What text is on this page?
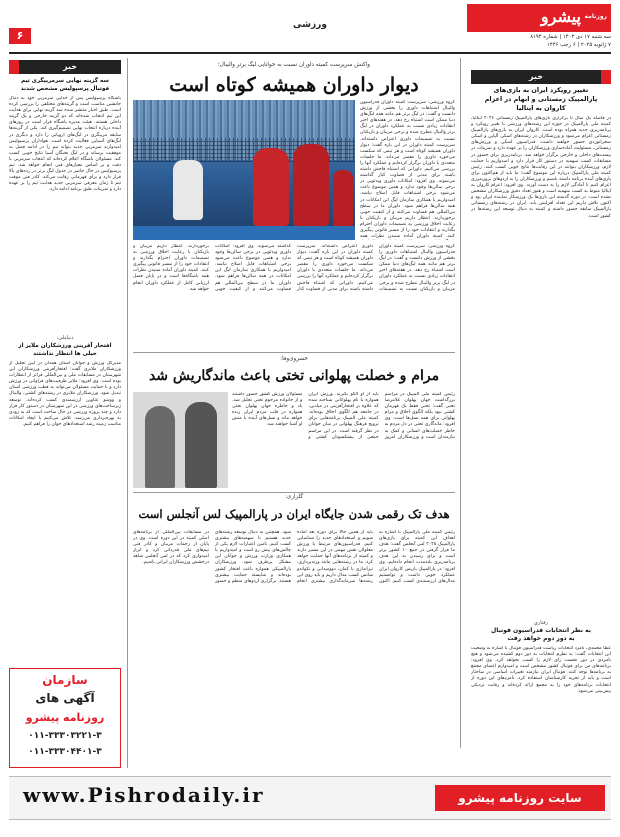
روزنامه
پیشرو
سه شنبه ۱۷ دی ۱۴۰۳ | شماره ۸۱۹۴
۷ ژانویه ۲۰۲۵ | ۶ رجب ۱۴۴۶
ورزشی
۶
خبر
تغییر رویکرد ایران به بازی‌های
پارالمپیک زمستانی و ابهام در اعزام
کاروان به ایتالیا

در فاصله یک سال تا برگزاری بازی‌های پارالمپیک زمستانی ۲۰۲۶ ایتالیا، کمیته ملی پارالمپیک در حوزه این رشته‌های ورزشی با تغییر رویکرد و برنامه‌ریزی جدید همراه بوده است. کاروان ایران به بازی‌های پارالمپیک زمستانی اعزام می‌شود و ورزشکاران در رشته‌های اسکی آلپاین و اسکی صحرانوردی حضور خواهند داشت. فدراسیون اسکی و ورزش‌های زمستانی، مسئولیت آماده‌سازی ورزشکاران را بر عهده دارد و تمرینات در پیست‌های داخلی و خارجی برگزار خواهد شد. برنامه‌ریزی برای حضور در مسابقات کسب سهمیه در دستور کار قرار دارد و امیدواریم با حمایت لازم، ورزشکاران بتوانند در این رقابت‌ها نتایج خوبی کسب کنند. رئیس کمیته ملی پارالمپیک درباره این موضوع گفت: ما باید از هم‌اکنون برای بازی‌های آینده برنامه داشته باشیم و ورزشکاران را به اردوهای برون‌مرزی اعزام کنیم تا آمادگی لازم را به دست آورند. وی افزود: اعزام کاروان به ایتالیا منوط به کسب سهمیه است و هنوز تعداد دقیق ورزشکاران مشخص نشده است. در دوره گذشته این بازی‌ها یک ورزشکار نماینده ایران بود و اکنون تلاش داریم این تعداد افزایش یابد. ایران در رشته‌های زمستانی پارالمپیک سابقه حضور داشته و کمیته به دنبال توسعه این رشته‌ها در کشور است.

رفتاري
به نظر انتخابات فدراسیون فوتبال
به دور دوم خواهد رفت

عطا محمدی، نامزد انتخابات ریاست فدراسیون فوتبال با اشاره به وضعیت این انتخابات گفت: به نظرم انتخابات به دور دوم کشیده می‌شود و هیچ نامزدی در دور نخست رای لازم را کسب نخواهد کرد. وی افزود: برنامه‌های من برای فوتبال کشور مشخص است و امیدوارم اعضای مجمع به برنامه‌ها توجه کنند. فوتبال ایران نیازمند تغییرات اساسی در ساختار است و باید از تجربه کارشناسان استفاده کرد. نامزدهای این دوره از انتخابات برنامه‌های خود را به مجمع ارائه کرده‌اند و رقابت نزدیکی پیش‌بینی می‌شود.

خبر
سه گزینه نهایی سرمربیگری تیم
فوتبال پرسپولیس مشخص شدند

باشگاه پرسپولیس پس از جدایی سرمربی خود به دنبال جانشین مناسب است و گزینه‌های مختلفی را بررسی کرده است. طبق اخبار منتشر شده سه گزینه نهایی برای هدایت این تیم انتخاب شده‌اند که دو گزینه خارجی و یک گزینه داخلی هستند. هیئت مدیره باشگاه قرار است در روزهای آینده درباره انتخاب نهایی تصمیم‌گیری کند. یکی از گزینه‌ها سابقه مربیگری در لیگ‌های اروپایی را دارد و دیگری در لیگ‌های آسیایی فعالیت کرده است. هواداران پرسپولیس امیدوارند سرمربی جدید بتواند تیم را در ادامه فصل به موفقیت برساند و در لیگ نخبگان آسیا نتایج خوبی کسب کند. مسئولان باشگاه اعلام کرده‌اند که انتخاب سرمربی با دقت و بر اساس معیارهای فنی انجام خواهد شد. تیم پرسپولیس در حال حاضر در جدول لیگ برتر در رده‌های بالا قرار دارد و برای قهرمانی رقابت می‌کند. کادر فنی موقت تیم تا زمان معرفی سرمربی جدید هدایت تیم را بر عهده دارد و تمرینات طبق برنامه ادامه دارد.

دنیاملی:
افتخار آفرینی ورزشکاران ملایر از
خیلی ها انتظار نداشتند

مدیرکل ورزش و جوانان استان همدان در آیین تجلیل از ورزشکاران ملایری گفت: افتخارآفرینی ورزشکاران این شهرستان در مسابقات ملی و بین‌المللی فراتر از انتظارات بوده است. وی افزود: ملایر ظرفیت‌های فراوانی در ورزش دارد و با حمایت مسئولان می‌تواند به قطب ورزشی استان تبدیل شود. ورزشکاران ملایری در رشته‌های کشتی، والیبال و ووشو عناوین ارزشمندی کسب کرده‌اند. توسعه زیرساخت‌های ورزشی در این شهرستان در دستور کار قرار دارد و چند پروژه ورزشی در حال ساخت است که به زودی به بهره‌برداری می‌رسد. تلاش می‌کنیم با ایجاد امکانات مناسب زمینه رشد استعدادهای جوان را فراهم کنیم.

سازمان
آگهی های
روزنامه پیشرو
۰۱۱-۳۳۳۰۳۲۲۱-۳
۰۱۱-۳۳۳۰۴۴۰۱-۳
واکنش سرپرست کمیته داوران نسبت به خوانایی لیگ برتر والیبال؛
دیوار داوران همیشه کوتاه است

گروه ورزشی: سرپرست کمیته داوران فدراسیون والیبال اشتباهات داوری را بخشی از ورزش دانست و گفت: در لیگ برتر هم مانند همه لیگ‌های دنیا ممکن است اشتباه رخ دهد. در هفته‌های اخیر انتقادات زیادی نسبت به عملکرد داوران در لیگ برتر والیبال مطرح شده و برخی مربیان و بازیکنان نسبت به تصمیمات داوری اعتراض داشته‌اند. سرپرست کمیته داوران در این باره گفت: دیوار داوران همیشه کوتاه است و هر تیمی که شکست می‌خورد داوری را مقصر می‌داند. ما جلسات متعددی با داوران برگزار کرده‌ایم و عملکرد آنها را بررسی می‌کنیم. داورانی که اشتباه فاحش داشته باشند برای مدتی از قضاوت کنار گذاشته می‌شوند. وی افزود: امکانات داوری ویدئویی در برخی سالن‌ها وجود ندارد و همین موضوع باعث می‌شود برخی اشتباهات قابل اصلاح نباشد. امیدواریم با همکاری سازمان لیگ این امکانات در همه سالن‌ها فراهم شود. داوران ما در سطح بین‌المللی هم قضاوت می‌کنند و از کیفیت خوبی برخوردارند. انتظار داریم مربیان و بازیکنان با رعایت اخلاق ورزشی به تصمیمات داوران احترام بگذارند و انتقادات خود را از مسیر قانونی پیگیری کنند. کمیته داوران آماده شنیدن نظرات همه

گروه ورزشی: سرپرست کمیته داوران فدراسیون والیبال اشتباهات داوری را بخشی از ورزش دانست و گفت: در لیگ برتر هم مانند همه لیگ‌های دنیا ممکن است اشتباه رخ دهد. در هفته‌های اخیر انتقادات زیادی نسبت به عملکرد داوران در لیگ برتر والیبال مطرح شده و برخی مربیان و بازیکنان نسبت به تصمیمات داوری اعتراض داشته‌اند. سرپرست کمیته داوران در این باره گفت: دیوار داوران همیشه کوتاه است و هر تیمی که شکست می‌خورد داوری را مقصر می‌داند. ما جلسات متعددی با داوران برگزار کرده‌ایم و عملکرد آنها را بررسی می‌کنیم. داورانی که اشتباه فاحش داشته باشند برای مدتی از قضاوت کنار گذاشته می‌شوند. وی افزود: امکانات داوری ویدئویی در برخی سالن‌ها وجود ندارد و همین موضوع باعث می‌شود برخی اشتباهات قابل اصلاح نباشد. امیدواریم با همکاری سازمان لیگ این امکانات در همه سالن‌ها فراهم شود. داوران ما در سطح بین‌المللی هم قضاوت می‌کنند و از کیفیت خوبی برخوردارند. انتظار داریم مربیان و بازیکنان با رعایت اخلاق ورزشی به تصمیمات داوران احترام بگذارند و انتقادات خود را از مسیر قانونی پیگیری کنند. کمیته داوران آماده شنیدن نظرات همه باشگاه‌ها است و در پایان فصل ارزیابی کامل از عملکرد داوران انجام خواهد شد.

خسروی‌وفا:
مرام و خصلت پهلوانی تختی باعث ماندگاریش شد

رئیس کمیته ملی المپیک در مراسم بزرگداشت جهان پهلوان غلامرضا تختی گفت: تختی فقط یک قهرمان کشتی نبود بلکه الگوی اخلاق و مرام پهلوانی برای همه نسل‌ها است. وی افزود: ماندگاری تختی در دل مردم به خاطر خصلت‌های انسانی و کمک به نیازمندان است و ورزشکاران امروز باید از او الگو بگیرند. ورزش ایران همواره با نام پهلوانانی شناخته شده که علاوه بر افتخارآفرینی در میادین، در جامعه هم الگوی اخلاق بوده‌اند. کمیته ملی المپیک برنامه‌هایی برای ترویج فرهنگ پهلوانی در میان جوانان در نظر گرفته است. در این مراسم جمعی از پیشکسوتان کشتی و مسئولان ورزش کشور حضور داشتند و از خانواده مرحوم تختی تجلیل شد. یاد و خاطره جهان پهلوان تختی همواره در قلب مردم ایران زنده خواهد ماند و نسل‌های آینده با منش او آشنا خواهند شد.

گلزاری:
هدف تک رقمی شدن جایگاه ایران در پارالمپیک لس آنجلس است

رئیس کمیته ملی پارالمپیک با اشاره به اهداف این کمیته برای بازی‌های پارالمپیک ۲۰۲۸ لس آنجلس گفت: هدف ما قرار گرفتن در جمع ۱۰ کشور برتر است و برای رسیدن به این هدف برنامه‌ریزی بلندمدت انجام داده‌ایم. وی افزود: در پارالمپیک پاریس کاروان ایران عملکرد خوبی داشت و توانستیم مدال‌های ارزشمندی کسب کنیم. اکنون باید از همین حالا برای دوره بعد آماده شویم و استعدادهای جدید را شناسایی کنیم. فدراسیون‌های مرتبط با ورزش معلولان نقش مهمی در این مسیر دارند و کمیته از برنامه‌های آنها حمایت خواهد کرد. ما در رشته‌هایی مانند وزنه‌برداری، تیراندازی با کمان، دوومیدانی و تکواندو شانس کسب مدال داریم و باید روی این رشته‌ها سرمایه‌گذاری بیشتری انجام شود. همچنین به دنبال توسعه رشته‌های جدید هستیم تا سهمیه‌های بیشتری کسب کنیم. تامین اعتبارات لازم یکی از چالش‌های پیش رو است و امیدواریم با همکاری وزارت ورزش و جوانان این مشکل برطرف شود. ورزشکاران پارالمپیکی همواره باعث افتخار کشور بوده‌اند و شایسته حمایت بیشتری هستند. برگزاری اردوهای منظم و حضور در مسابقات بین‌المللی از برنامه‌های اصلی کمیته در این دوره است. وی در پایان از زحمات مربیان و کادر فنی تیم‌های ملی قدردانی کرد و ابراز امیدواری کرد که در لس آنجلس شاهد درخشش ورزشکاران ایرانی باشیم.

سایت روزنامه پیشرو
www.Pishrodaily.ir
